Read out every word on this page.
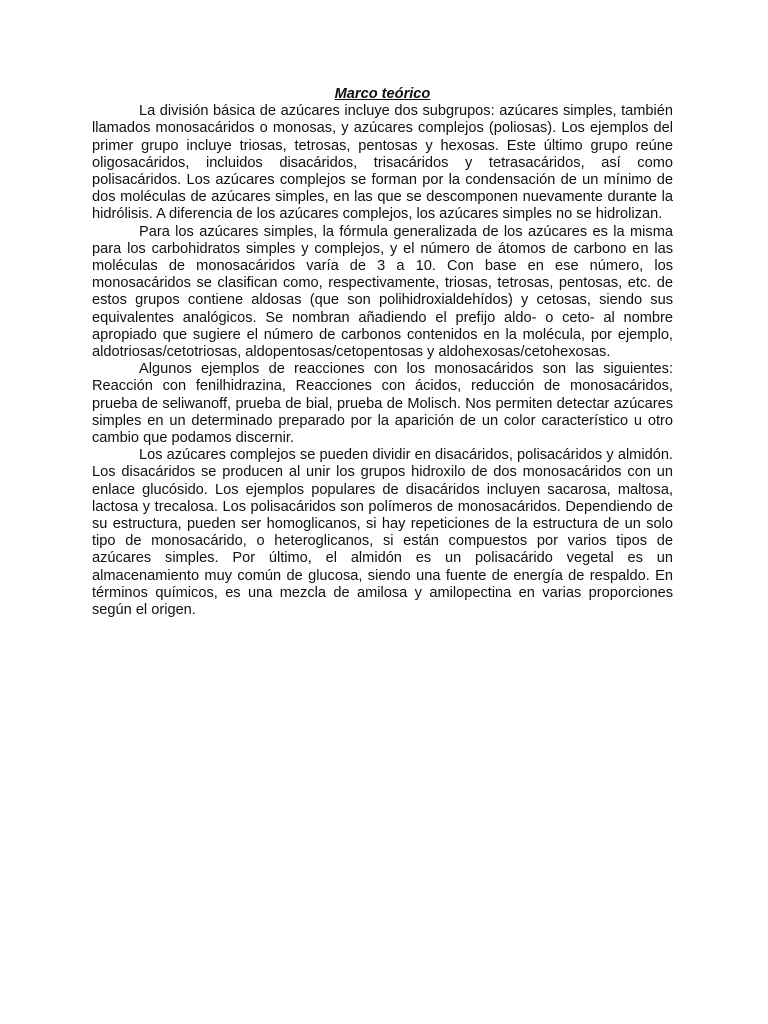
Marco teórico

La división básica de azúcares incluye dos subgrupos: azúcares simples, también llamados monosacáridos o monosas, y azúcares complejos (poliosas). Los ejemplos del primer grupo incluye triosas, tetrosas, pentosas y hexosas. Este último grupo reúne oligosacáridos, incluidos disacáridos, trisacáridos y tetrasacáridos, así como polisacáridos. Los azúcares complejos se forman por la condensación de un mínimo de dos moléculas de azúcares simples, en las que se descomponen nuevamente durante la hidrólisis. A diferencia de los azúcares complejos, los azúcares simples no se hidrolizan.

Para los azúcares simples, la fórmula generalizada de los azúcares es la misma para los carbohidratos simples y complejos, y el número de átomos de carbono en las moléculas de monosacáridos varía de 3 a 10. Con base en ese número, los monosacáridos se clasifican como, respectivamente, triosas, tetrosas, pentosas, etc. de estos grupos contiene aldosas (que son polihidroxialdehídos) y cetosas, siendo sus equivalentes analógicos. Se nombran añadiendo el prefijo aldo- o ceto- al nombre apropiado que sugiere el número de carbonos contenidos en la molécula, por ejemplo, aldotriosas/cetotriosas, aldopentosas/cetopentosas y aldohexosas/cetohexosas.

Algunos ejemplos de reacciones con los monosacáridos son las siguientes: Reacción con fenilhidrazina, Reacciones con ácidos, reducción de monosacáridos, prueba de seliwanoff, prueba de bial, prueba de Molisch. Nos permiten detectar azúcares simples en un determinado preparado por la aparición de un color característico u otro cambio que podamos discernir.

Los azúcares complejos se pueden dividir en disacáridos, polisacáridos y almidón. Los disacáridos se producen al unir los grupos hidroxilo de dos monosacáridos con un enlace glucósido. Los ejemplos populares de disacáridos incluyen sacarosa, maltosa, lactosa y trecalosa. Los polisacáridos son polímeros de monosacáridos. Dependiendo de su estructura, pueden ser homoglicanos, si hay repeticiones de la estructura de un solo tipo de monosacárido, o heteroglicanos, si están compuestos por varios tipos de azúcares simples. Por último, el almidón es un polisacárido vegetal es un almacenamiento muy común de glucosa, siendo una fuente de energía de respaldo. En términos químicos, es una mezcla de amilosa y amilopectina en varias proporciones según el origen.
